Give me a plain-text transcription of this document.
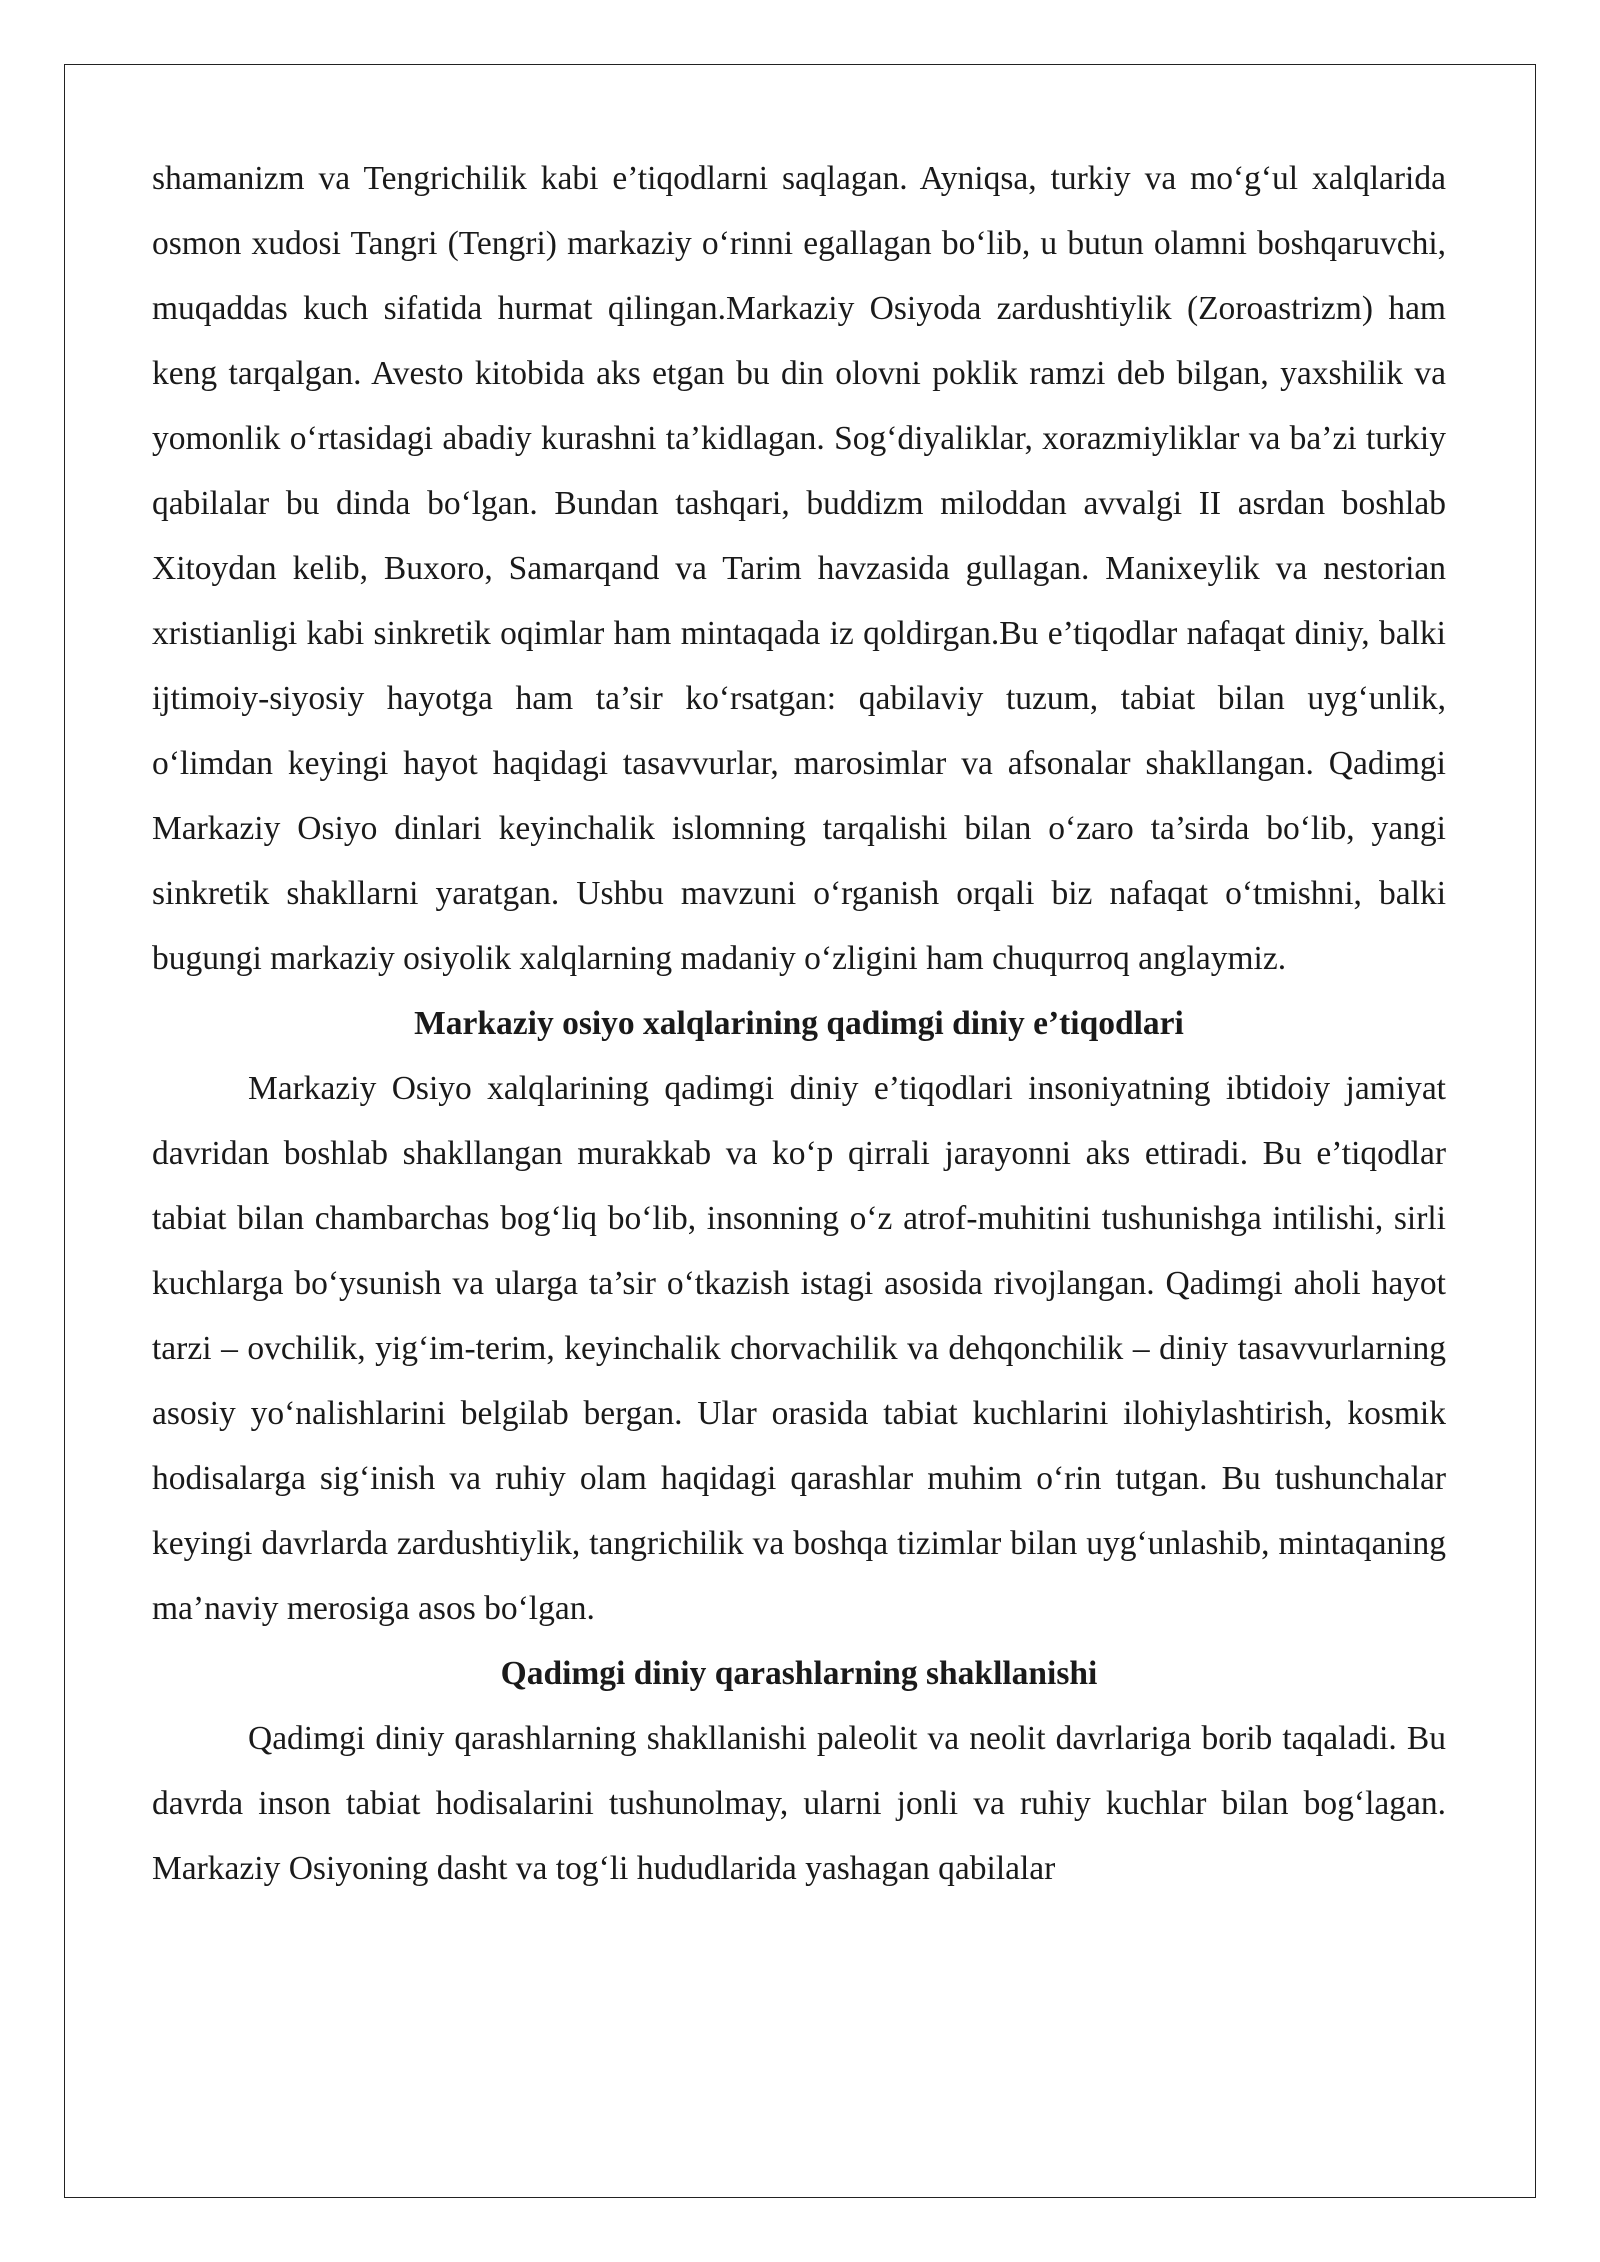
shamanizm va Tengrichilik kabi e’tiqodlarni saqlagan. Ayniqsa, turkiy va mo‘g‘ul xalqlarida osmon xudosi Tangri (Tengri) markaziy o‘rinni egallagan bo‘lib, u butun olamni boshqaruvchi, muqaddas kuch sifatida hurmat qilingan.Markaziy Osiyoda zardushtiylik (Zoroastrizm) ham keng tarqalgan. Avesto kitobida aks etgan bu din olovni poklik ramzi deb bilgan, yaxshilik va yomonlik o‘rtasidagi abadiy kurashni ta’kidlagan. Sog‘diyaliklar, xorazmiyliklar va ba’zi turkiy qabilalar bu dinda bo‘lgan. Bundan tashqari, buddizm miloddan avvalgi II asrdan boshlab Xitoydan kelib, Buxoro, Samarqand va Tarim havzasida gullagan. Manixeylik va nestorian xristianligi kabi sinkretik oqimlar ham mintaqada iz qoldirgan.Bu e’tiqodlar nafaqat diniy, balki ijtimoiy-siyosiy hayotga ham ta’sir ko‘rsatgan: qabilaviy tuzum, tabiat bilan uyg‘unlik, o‘limdan keyingi hayot haqidagi tasavvurlar, marosimlar va afsonalar shakllangan. Qadimgi Markaziy Osiyo dinlari keyinchalik islomning tarqalishi bilan o‘zaro ta’sirda bo‘lib, yangi sinkretik shakllarni yaratgan. Ushbu mavzuni o‘rganish orqali biz nafaqat o‘tmishni, balki bugungi markaziy osiyolik xalqlarning madaniy o‘zligini ham chuqurroq anglaymiz.

Markaziy osiyo xalqlarining qadimgi diniy e’tiqodlari

Markaziy Osiyo xalqlarining qadimgi diniy e’tiqodlari insoniyatning ibtidoiy jamiyat davridan boshlab shakllangan murakkab va ko‘p qirrali jarayonni aks ettiradi. Bu e’tiqodlar tabiat bilan chambarchas bog‘liq bo‘lib, insonning o‘z atrof-muhitini tushunishga intilishi, sirli kuchlarga bo‘ysunish va ularga ta’sir o‘tkazish istagi asosida rivojlangan. Qadimgi aholi hayot tarzi – ovchilik, yig‘im-terim, keyinchalik chorvachilik va dehqonchilik – diniy tasavvurlarning asosiy yo‘nalishlarini belgilab bergan. Ular orasida tabiat kuchlarini ilohiylashtirish, kosmik hodisalarga sig‘inish va ruhiy olam haqidagi qarashlar muhim o‘rin tutgan. Bu tushunchalar keyingi davrlarda zardushtiylik, tangrichilik va boshqa tizimlar bilan uyg‘unlashib, mintaqaning ma’naviy merosiga asos bo‘lgan.

Qadimgi diniy qarashlarning shakllanishi

Qadimgi diniy qarashlarning shakllanishi paleolit va neolit davrlariga borib taqaladi. Bu davrda inson tabiat hodisalarini tushunolmay, ularni jonli va ruhiy kuchlar bilan bog‘lagan. Markaziy Osiyoning dasht va tog‘li hududlarida yashagan qabilalar
